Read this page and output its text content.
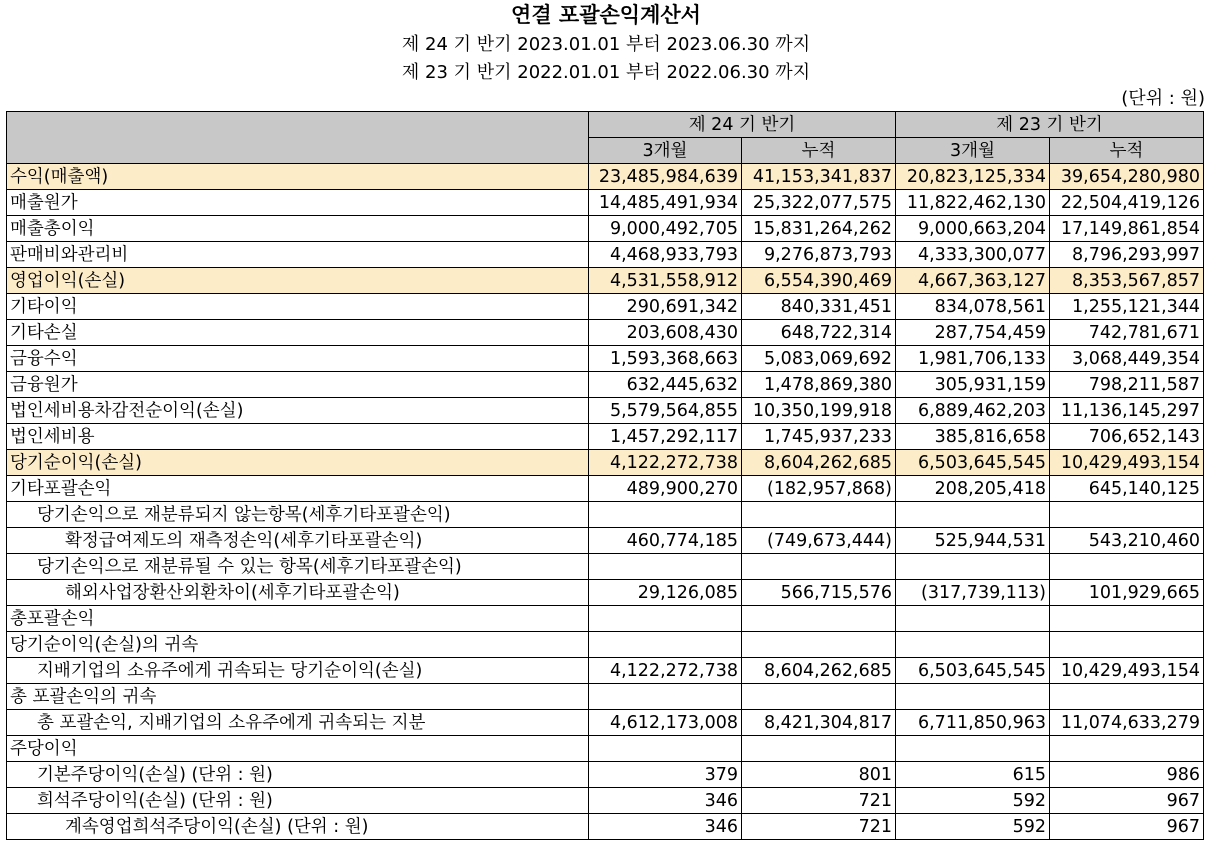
연결 포괄손익계산서
제 24 기 반기 2023.01.01 부터 2023.06.30 까지
제 23 기 반기 2022.01.01 부터 2022.06.30 까지
(단위 : 원)
	제 24 기 반기		제 23 기 반기	
	3개월	누적	3개월	누적
수익(매출액)	23,485,984,639	41,153,341,837	20,823,125,334	39,654,280,980
매출원가	14,485,491,934	25,322,077,575	11,822,462,130	22,504,419,126
매출총이익	9,000,492,705	15,831,264,262	9,000,663,204	17,149,861,854
판매비와관리비	4,468,933,793	9,276,873,793	4,333,300,077	8,796,293,997
영업이익(손실)	4,531,558,912	6,554,390,469	4,667,363,127	8,353,567,857
기타이익	290,691,342	840,331,451	834,078,561	1,255,121,344
기타손실	203,608,430	648,722,314	287,754,459	742,781,671
금융수익	1,593,368,663	5,083,069,692	1,981,706,133	3,068,449,354
금융원가	632,445,632	1,478,869,380	305,931,159	798,211,587
법인세비용차감전순이익(손실)	5,579,564,855	10,350,199,918	6,889,462,203	11,136,145,297
법인세비용	1,457,292,117	1,745,937,233	385,816,658	706,652,143
당기순이익(손실)	4,122,272,738	8,604,262,685	6,503,645,545	10,429,493,154
기타포괄손익	489,900,270	(182,957,868)	208,205,418	645,140,125
당기손익으로 재분류되지 않는항목(세후기타포괄손익)				
확정급여제도의 재측정손익(세후기타포괄손익)	460,774,185	(749,673,444)	525,944,531	543,210,460
당기손익으로 재분류될 수 있는 항목(세후기타포괄손익)				
해외사업장환산외환차이(세후기타포괄손익)	29,126,085	566,715,576	(317,739,113)	101,929,665
총포괄손익				
당기순이익(손실)의 귀속				
지배기업의 소유주에게 귀속되는 당기순이익(손실)	4,122,272,738	8,604,262,685	6,503,645,545	10,429,493,154
총 포괄손익의 귀속				
총 포괄손익, 지배기업의 소유주에게 귀속되는 지분	4,612,173,008	8,421,304,817	6,711,850,963	11,074,633,279
주당이익				
기본주당이익(손실) (단위 : 원)	379	801	615	986
희석주당이익(손실) (단위 : 원)	346	721	592	967
계속영업희석주당이익(손실) (단위 : 원)	346	721	592	967
